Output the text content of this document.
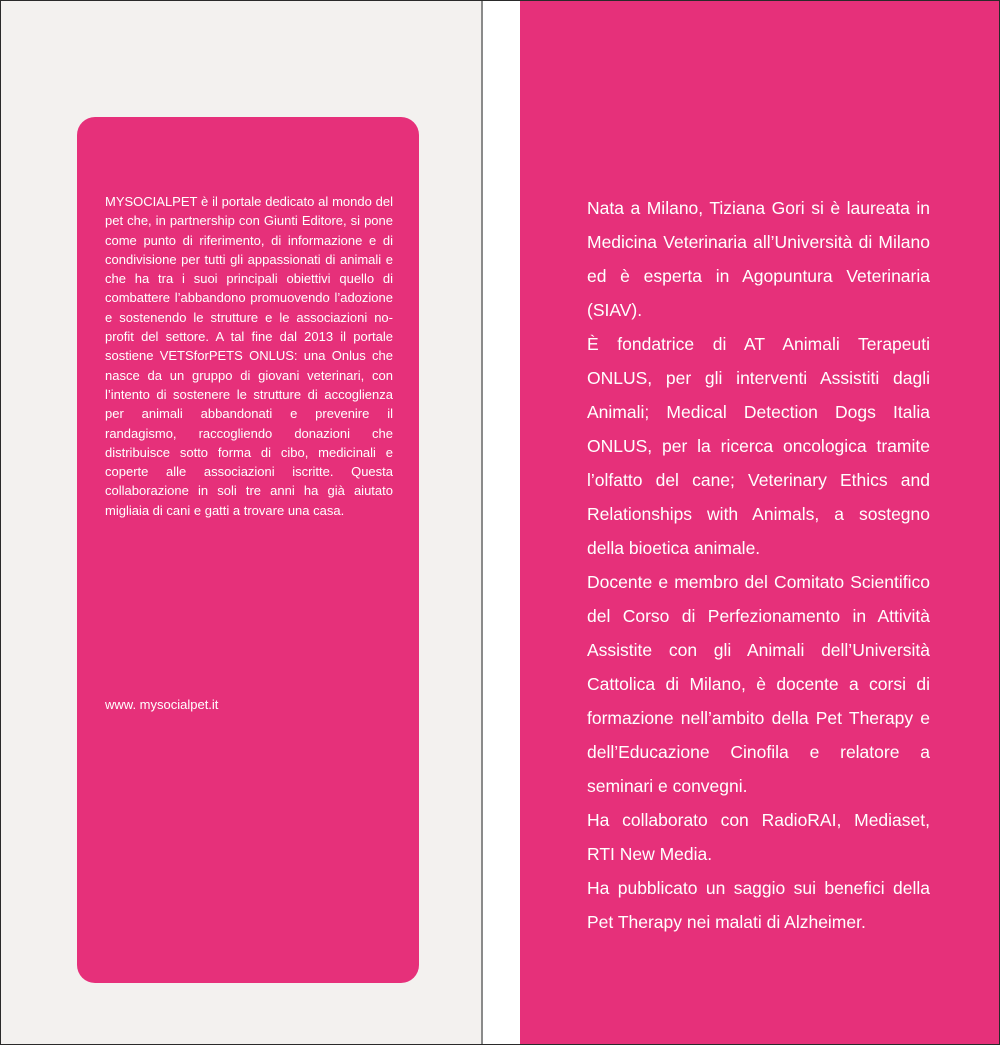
MYSOCIALPET è il portale dedicato al mondo del pet che, in partnership con Giunti Editore, si pone come punto di riferimento, di informazione e di condivisione per tutti gli appassionati di animali e che ha tra i suoi principali obiettivi quello di combattere l’abbandono promuovendo l’adozione e sostenendo le strutture e le associazioni no-profit del settore. A tal fine dal 2013 il portale sostiene VETSforPETS ONLUS: una Onlus che nasce da un gruppo di giovani veterinari, con l’intento di sostenere le strutture di accoglienza per animali abbandonati e prevenire il randagismo, raccogliendo donazioni che distribuisce sotto forma di cibo, medicinali e coperte alle associazioni iscritte. Questa collaborazione in soli tre anni ha già aiutato migliaia di cani e gatti a trovare una casa.

www. mysocialpet.it

Nata a Milano, Tiziana Gori si è laureata in Medicina Veterinaria all’Università di Milano ed è esperta in Agopuntura Veterinaria (SIAV).

È fondatrice di AT Animali Terapeuti ONLUS, per gli interventi Assistiti dagli Animali; Medical Detection Dogs Italia ONLUS, per la ricerca oncologica tramite l’olfatto del cane; Veterinary Ethics and Relationships with Animals, a sostegno della bioetica animale.

Docente e membro del Comitato Scientifico del Corso di Perfezionamento in Attività Assistite con gli Animali dell’Università Cattolica di Milano, è docente a corsi di formazione nell’ambito della Pet Therapy e dell’Educazione Cinofila e relatore a seminari e convegni.

Ha collaborato con RadioRAI, Mediaset, RTI New Media.

Ha pubblicato un saggio sui benefici della Pet Therapy nei malati di Alzheimer.
